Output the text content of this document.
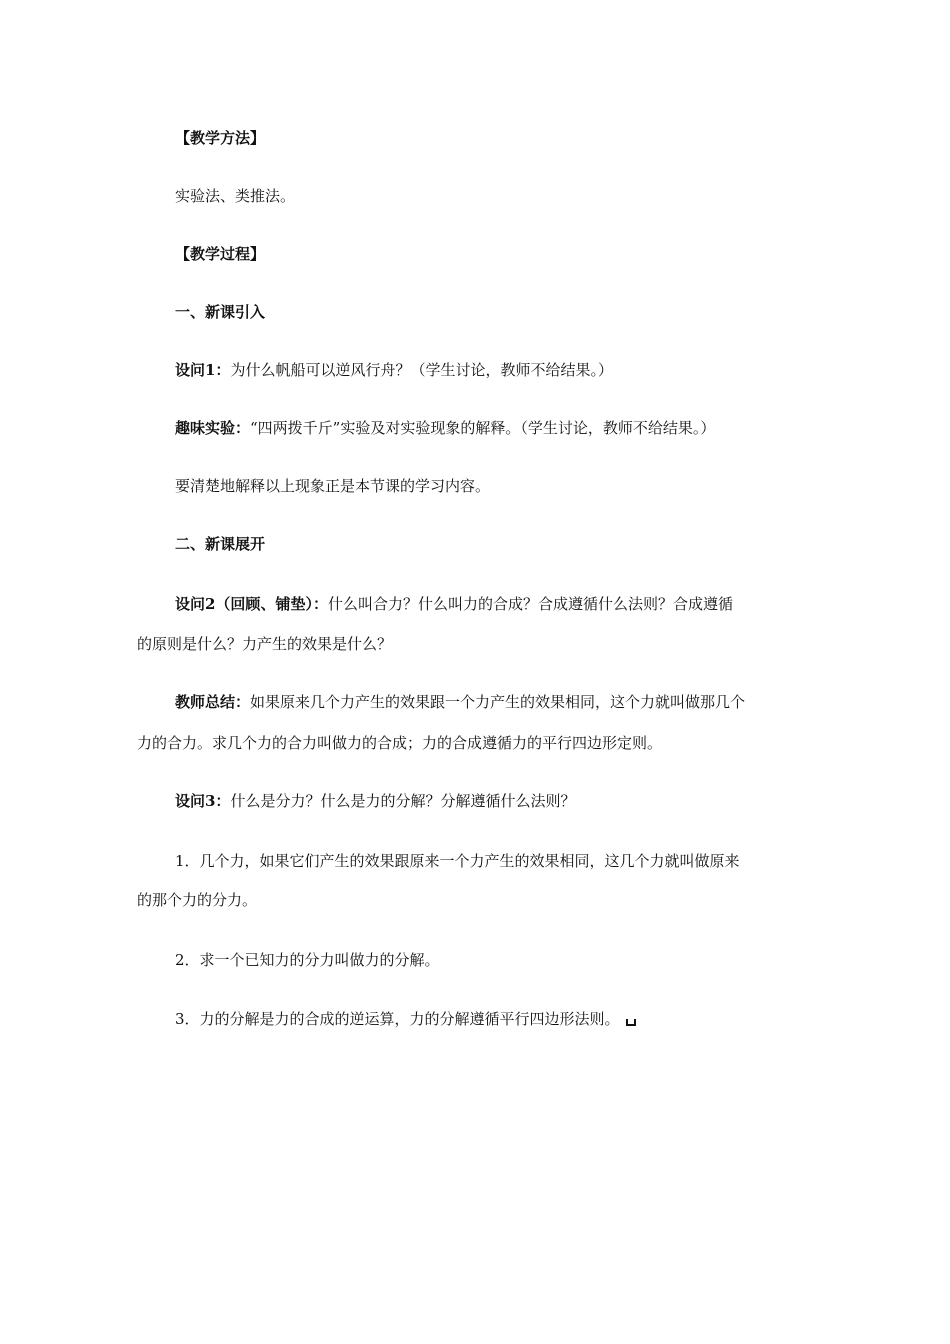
【教学方法】
实验法、类推法。
【教学过程】
一、新课引入
设问1：为什么帆船可以逆风行舟？（学生讨论，教师不给结果。）
趣味实验：“四两拨千斤”实验及对实验现象的解释。（学生讨论，教师不给结果。）
要清楚地解释以上现象正是本节课的学习内容。
二、新课展开
设问2（回顾、铺垫）：什么叫合力？什么叫力的合成？合成遵循什么法则？合成遵循
的原则是什么？力产生的效果是什么？
教师总结：如果原来几个力产生的效果跟一个力产生的效果相同，这个力就叫做那几个
力的合力。求几个力的合力叫做力的合成；力的合成遵循力的平行四边形定则。
设问3：什么是分力？什么是力的分解？分解遵循什么法则？
1．几个力，如果它们产生的效果跟原来一个力产生的效果相同，这几个力就叫做原来
的那个力的分力。
2．求一个已知力的分力叫做力的分解。
3．力的分解是力的合成的逆运算，力的分解遵循平行四边形法则。
